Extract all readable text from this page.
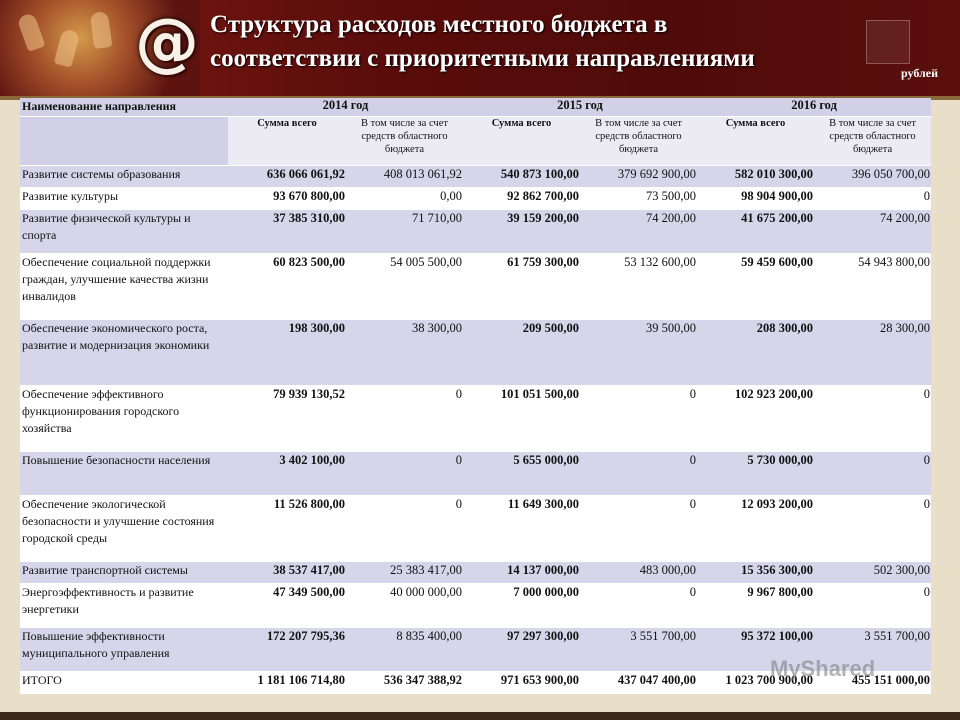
@ Структура расходов местного бюджета в
соответствии с приоритетными направлениями
рублей
Наименование направления	2014 год		2015 год		2016 год	
	Сумма всего	В том числе за счет средств областного бюджета	Сумма всего	В том числе за счет средств областного бюджета	Сумма всего	В том числе за счет средств областного бюджета
Развитие системы образования	636 066 061,92	408 013 061,92	540 873 100,00	379 692 900,00	582 010 300,00	396 050 700,00
Развитие культуры	93 670 800,00	0,00	92 862 700,00	73 500,00	98 904 900,00	0
Развитие физической культуры и спорта	37 385 310,00	71 710,00	39 159 200,00	74 200,00	41 675 200,00	74 200,00
Обеспечение социальной поддержки граждан, улучшение качества жизни инвалидов	60 823 500,00	54 005 500,00	61 759 300,00	53 132 600,00	59 459 600,00	54 943 800,00
Обеспечение экономического роста, развитие и модернизация экономики	198 300,00	38 300,00	209 500,00	39 500,00	208 300,00	28 300,00
Обеспечение эффективного функционирования городского хозяйства	79 939 130,52	0	101 051 500,00	0	102 923 200,00	0
Повышение безопасности населения	3 402 100,00	0	5 655 000,00	0	5 730 000,00	0
Обеспечение экологической безопасности и улучшение состояния городской среды	11 526 800,00	0	11 649 300,00	0	12 093 200,00	0
Развитие транспортной системы	38 537 417,00	25 383 417,00	14 137 000,00	483 000,00	15 356 300,00	502 300,00
Энергоэффективность и развитие энергетики	47 349 500,00	40 000 000,00	7 000 000,00	0	9 967 800,00	0
Повышение эффективности муниципального управления	172 207 795,36	8 835 400,00	97 297 300,00	3 551 700,00	95 372 100,00	3 551 700,00
ИТОГО	1 181 106 714,80	536 347 388,92	971 653 900,00	437 047 400,00	1 023 700 900,00	455 151 000,00
MyShared
